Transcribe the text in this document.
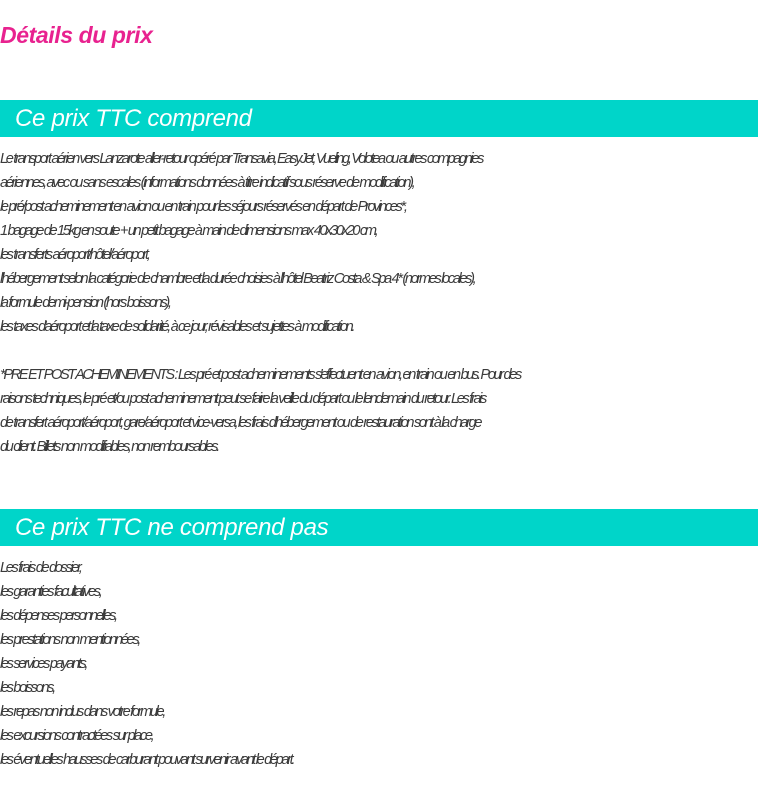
Détails du prix
Ce prix TTC comprend
Le transport aérien vers Lanzarote aller-retour opéré par Transavia, EasyJet, Vueling, Volotea ou autres compagnies
aériennes, avec ou sans escales (informations données à titre indicatif sous réserve de modification),
le pré/post acheminement en avion ou en train pour les séjours réservés en départ de Provinces*,
1 bagage de 15kg en soute + un petit bagage à main de dimensions max 40x30x20 cm,
les transferts aéroport/hôtel/aéroport,
l'hébergement selon la catégorie de chambre et la durée choisies à l'hôtel Beatriz Costa & Spa 4* (normes locales),
la formule demi-pension (hors boissons),
les taxes d'aéroport et la taxe de solidarité, à ce jour, révisables et sujettes à modification.
*PRE ET POST ACHEMINEMENTS : Les pré et post acheminements s'effectuent en avion, en train ou en bus. Pour des
raisons techniques, le pré et/ou post acheminement peut se faire la veille du départ ou le lendemain du retour. Les frais
de transfert aéroport/aéroport, gare/aéroport et vice-versa, les frais d'hébergement ou de restauration sont à la charge
du client. Billets non modifiables, non remboursables.
Ce prix TTC ne comprend pas
Les frais de dossier,
les garanties facultatives,
les dépenses personnelles,
les prestations non mentionnées,
les services payants,
les boissons,
les repas non inclus dans votre formule,
les excursions contractées sur place,
les éventuelles hausses de carburant pouvant survenir avant le départ.
